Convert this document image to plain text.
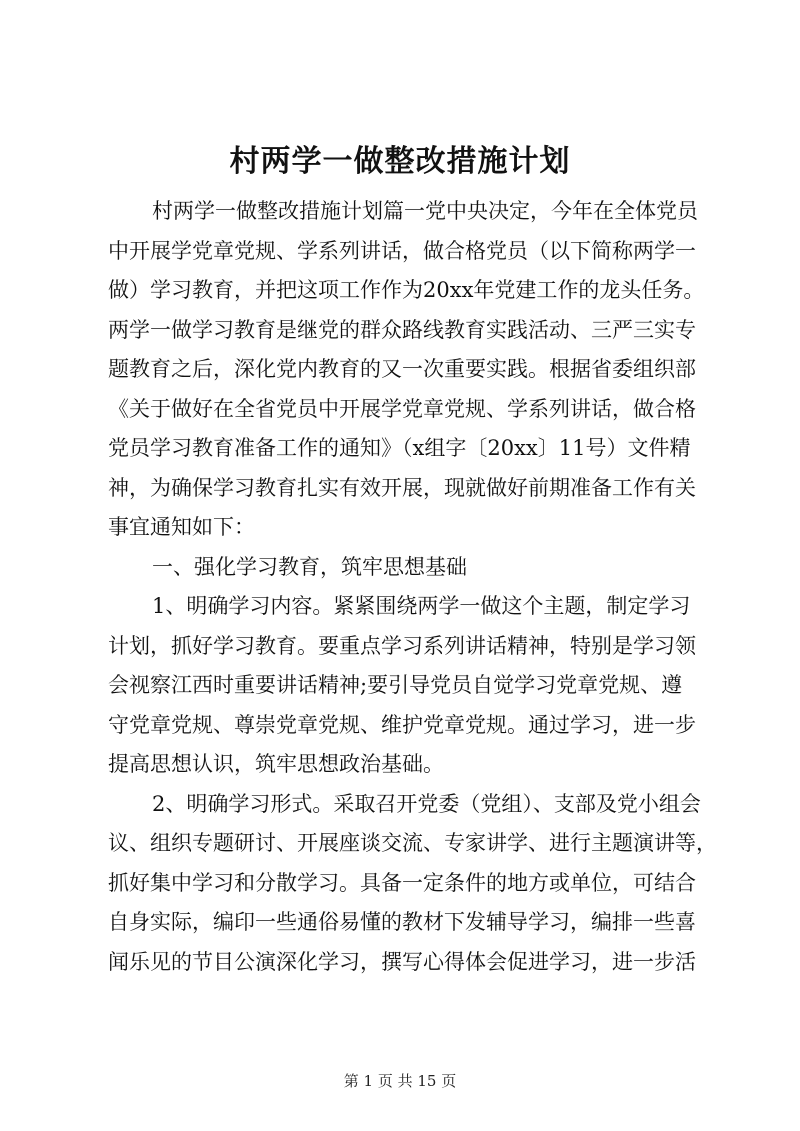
村两学一做整改措施计划
村两学一做整改措施计划篇一党中央决定，今年在全体党员
中开展学党章党规、学系列讲话，做合格党员（以下简称两学一
做）学习教育，并把这项工作作为20xx年党建工作的龙头任务。
两学一做学习教育是继党的群众路线教育实践活动、三严三实专
题教育之后，深化党内教育的又一次重要实践。根据省委组织部
《关于做好在全省党员中开展学党章党规、学系列讲话，做合格
党员学习教育准备工作的通知》（x组字〔20xx〕11号）文件精
神，为确保学习教育扎实有效开展，现就做好前期准备工作有关
事宜通知如下：
一、强化学习教育，筑牢思想基础
1、明确学习内容。紧紧围绕两学一做这个主题，制定学习
计划，抓好学习教育。要重点学习系列讲话精神，特别是学习领
会视察江西时重要讲话精神;要引导党员自觉学习党章党规、遵
守党章党规、尊崇党章党规、维护党章党规。通过学习，进一步
提高思想认识，筑牢思想政治基础。
2、明确学习形式。采取召开党委（党组）、支部及党小组会
议、组织专题研讨、开展座谈交流、专家讲学、进行主题演讲等，
抓好集中学习和分散学习。具备一定条件的地方或单位，可结合
自身实际，编印一些通俗易懂的教材下发辅导学习，编排一些喜
闻乐见的节目公演深化学习，撰写心得体会促进学习，进一步活
第 1 页 共 15 页
